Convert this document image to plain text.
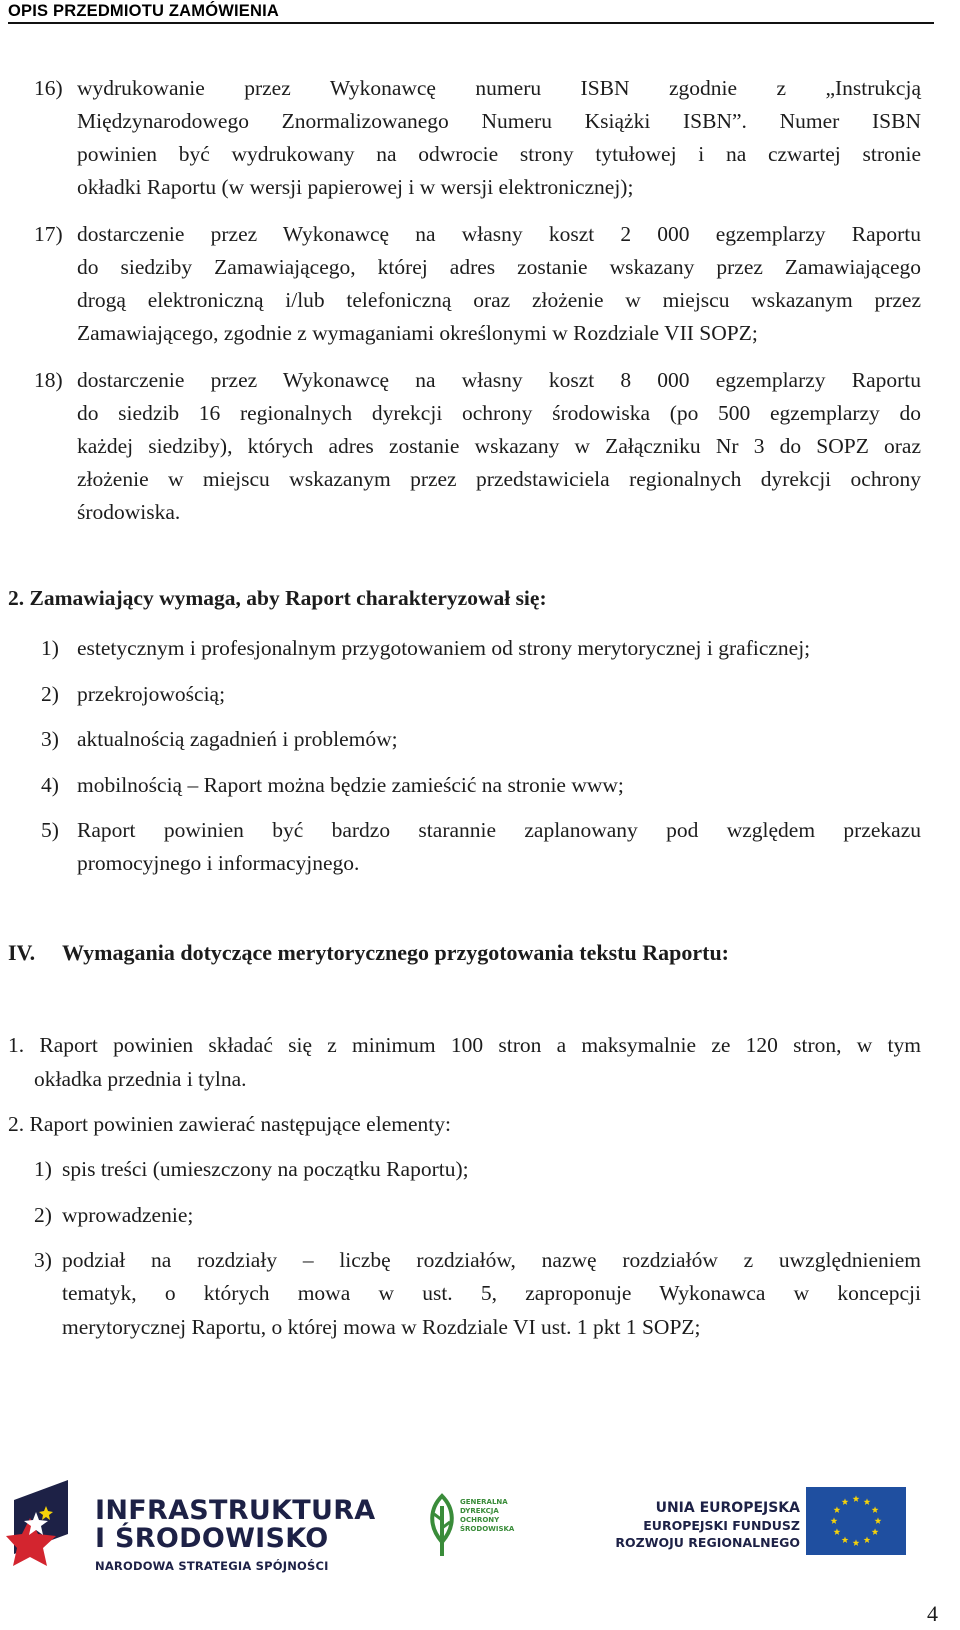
OPIS PRZEDMIOTU ZAMÓWIENIA
16) wydrukowanie przez Wykonawcę numeru ISBN zgodnie z „Instrukcją
Międzynarodowego Znormalizowanego Numeru Książki ISBN”. Numer ISBN
powinien być wydrukowany na odwrocie strony tytułowej i na czwartej stronie
okładki Raportu (w wersji papierowej i w wersji elektronicznej);
17) dostarczenie przez Wykonawcę na własny koszt 2 000 egzemplarzy Raportu
do siedziby Zamawiającego, której adres zostanie wskazany przez Zamawiającego
drogą elektroniczną i/lub telefoniczną oraz złożenie w miejscu wskazanym przez
Zamawiającego, zgodnie z wymaganiami określonymi w Rozdziale VII SOPZ;
18) dostarczenie przez Wykonawcę na własny koszt 8 000 egzemplarzy Raportu
do siedzib 16 regionalnych dyrekcji ochrony środowiska (po 500 egzemplarzy do
każdej siedziby), których adres zostanie wskazany w Załączniku Nr 3 do SOPZ oraz
złożenie w miejscu wskazanym przez przedstawiciela regionalnych dyrekcji ochrony
środowiska.
2. Zamawiający wymaga, aby Raport charakteryzował się:
1) estetycznym i profesjonalnym przygotowaniem od strony merytorycznej i graficznej;
2) przekrojowością;
3) aktualnością zagadnień i problemów;
4) mobilnością – Raport można będzie zamieścić na stronie www;
5) Raport powinien być bardzo starannie zaplanowany pod względem przekazu
promocyjnego i informacyjnego.
IV. Wymagania dotyczące merytorycznego przygotowania tekstu Raportu:
1. Raport powinien składać się z minimum 100 stron a maksymalnie ze 120 stron, w tym
okładka przednia i tylna.
2. Raport powinien zawierać następujące elementy:
1) spis treści (umieszczony na początku Raportu);
2) wprowadzenie;
3) podział na rozdziały – liczbę rozdziałów, nazwę rozdziałów z uwzględnieniem
tematyk, o których mowa w ust. 5, zaproponuje Wykonawca w koncepcji
merytorycznej Raportu, o której mowa w Rozdziale VI ust. 1 pkt 1 SOPZ;
INFRASTRUKTURA
I ŚRODOWISKO
NARODOWA STRATEGIA SPÓJNOŚCI
GENERALNA
DYREKCJA
OCHRONY
ŚRODOWISKA
UNIA EUROPEJSKA
EUROPEJSKI FUNDUSZ
ROZWOJU REGIONALNEGO
4
